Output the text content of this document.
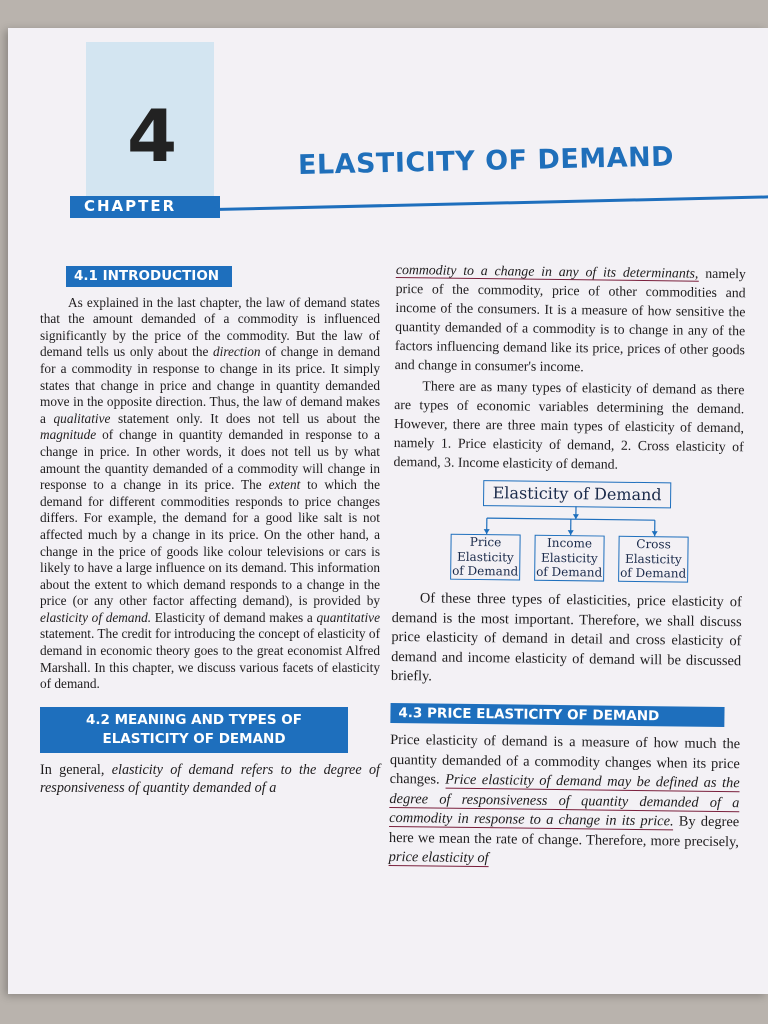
4
CHAPTER
ELASTICITY OF DEMAND
4.1 INTRODUCTION

As explained in the last chapter, the law of demand states that the amount demanded of a commodity is influenced significantly by the price of the commodity. But the law of demand tells us only about the direction of change in demand for a commodity in response to change in its price. It simply states that change in price and change in quantity demanded move in the opposite direction. Thus, the law of demand makes a qualitative statement only. It does not tell us about the magnitude of change in quantity demanded in response to a change in price. In other words, it does not tell us by what amount the quantity demanded of a commodity will change in response to a change in its price. The extent to which the demand for different commodities responds to price changes differs. For example, the demand for a good like salt is not affected much by a change in its price. On the other hand, a change in the price of goods like colour televisions or cars is likely to have a large influence on its demand. This information about the extent to which demand responds to a change in the price (or any other factor affecting demand), is provided by elasticity of demand. Elasticity of demand makes a quantitative statement. The credit for introducing the concept of elasticity of demand in economic theory goes to the great economist Alfred Marshall. In this chapter, we discuss various facets of elasticity of demand.

4.2 MEANING AND TYPES OF
ELASTICITY OF DEMAND

In general, elasticity of demand refers to the degree of responsiveness of quantity demanded of a

commodity to a change in any of its determinants, namely price of the commodity, price of other commodities and income of the consumers. It is a measure of how sensitive the quantity demanded of a commodity is to change in any of the factors influencing demand like its price, prices of other goods and change in consumer's income.

There are as many types of elasticity of demand as there are types of economic variables determining the demand. However, there are three main types of elasticity of demand, namely 1. Price elasticity of demand, 2. Cross elasticity of demand, 3. Income elasticity of demand.

Elasticity of Demand
Price
Elasticity
of Demand
Income
Elasticity
of Demand
Cross
Elasticity
of Demand

Of these three types of elasticities, price elasticity of demand is the most important. Therefore, we shall discuss price elasticity of demand in detail and cross elasticity of demand and income elasticity of demand will be discussed briefly.

4.3 PRICE ELASTICITY OF DEMAND

Price elasticity of demand is a measure of how much the quantity demanded of a commodity changes when its price changes. Price elasticity of demand may be defined as the degree of responsiveness of quantity demanded of a commodity in response to a change in its price. By degree here we mean the rate of change. Therefore, more precisely, price elasticity of
